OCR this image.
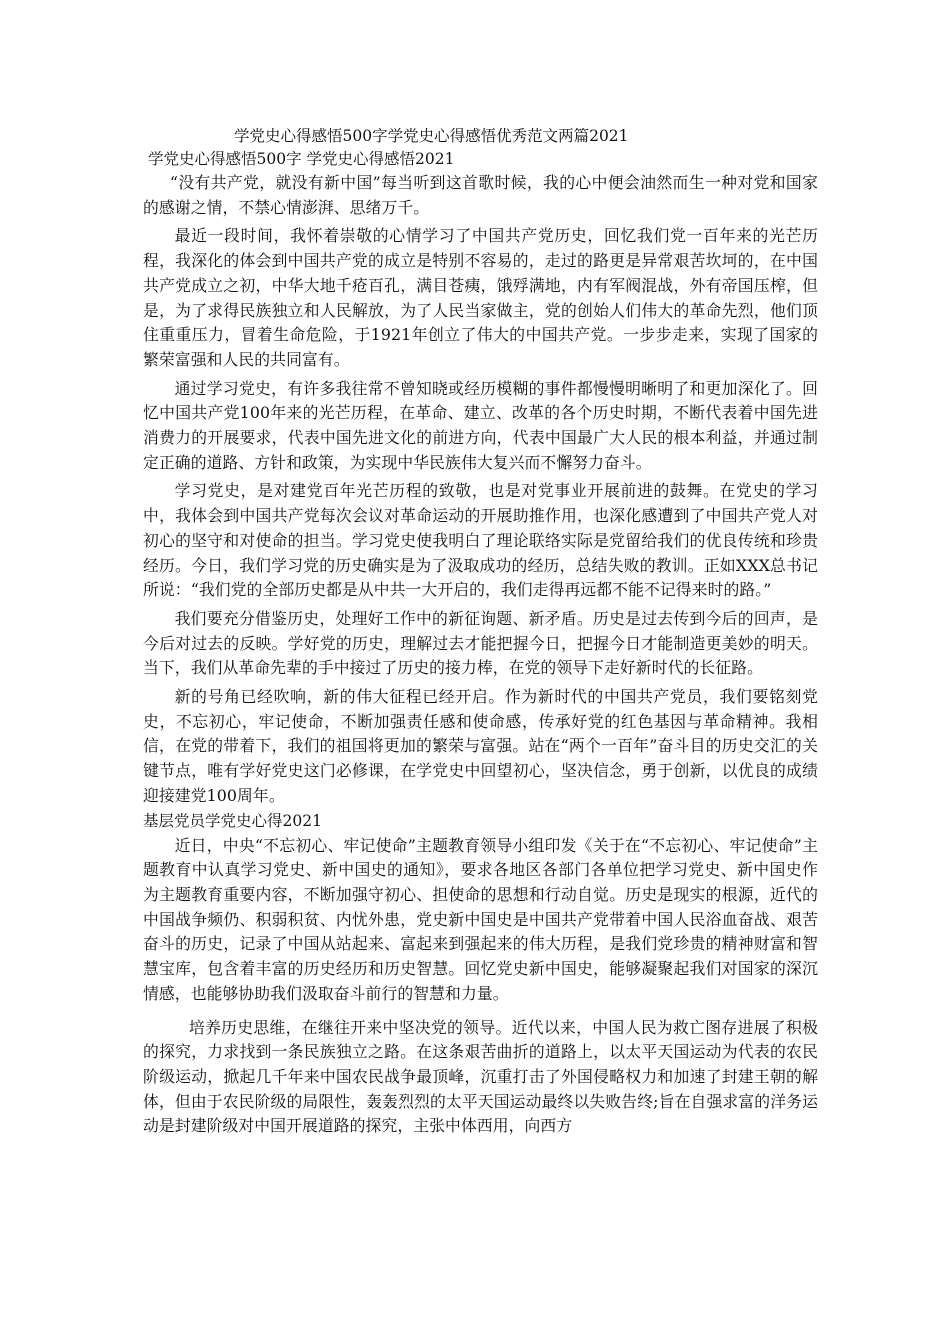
学党史心得感悟500字学党史心得感悟优秀范文两篇2021
学党史心得感悟500字 学党史心得感悟2021

“没有共产党，就没有新中国”每当听到这首歌时候，我的心中便会油然而生一种对党和国家的感谢之情，不禁心情澎湃、思绪万千。

最近一段时间，我怀着崇敬的心情学习了中国共产党历史，回忆我们党一百年来的光芒历程，我深化的体会到中国共产党的成立是特别不容易的，走过的路更是异常艰苦坎坷的，在中国共产党成立之初，中华大地千疮百孔，满目苍痍，饿殍满地，内有军阀混战，外有帝国压榨，但是，为了求得民族独立和人民解放，为了人民当家做主，党的创始人们伟大的革命先烈，他们顶住重重压力，冒着生命危险，于1921年创立了伟大的中国共产党。一步步走来，实现了国家的繁荣富强和人民的共同富有。

通过学习党史，有许多我往常不曾知晓或经历模糊的事件都慢慢明晰明了和更加深化了。回忆中国共产党100年来的光芒历程，在革命、建立、改革的各个历史时期，不断代表着中国先进消费力的开展要求，代表中国先进文化的前进方向，代表中国最广大人民的根本利益，并通过制定正确的道路、方针和政策，为实现中华民族伟大复兴而不懈努力奋斗。

学习党史，是对建党百年光芒历程的致敬，也是对党事业开展前进的鼓舞。在党史的学习中，我体会到中国共产党每次会议对革命运动的开展助推作用，也深化感遭到了中国共产党人对初心的坚守和对使命的担当。学习党史使我明白了理论联络实际是党留给我们的优良传统和珍贵经历。今日，我们学习党的历史确实是为了汲取成功的经历，总结失败的教训。正如XXX总书记所说：“我们党的全部历史都是从中共一大开启的，我们走得再远都不能不记得来时的路。”

我们要充分借鉴历史，处理好工作中的新征询题、新矛盾。历史是过去传到今后的回声，是今后对过去的反映。学好党的历史，理解过去才能把握今日，把握今日才能制造更美妙的明天。当下，我们从革命先辈的手中接过了历史的接力棒，在党的领导下走好新时代的长征路。

新的号角已经吹响，新的伟大征程已经开启。作为新时代的中国共产党员，我们要铭刻党史，不忘初心，牢记使命，不断加强责任感和使命感，传承好党的红色基因与革命精神。我相信，在党的带着下，我们的祖国将更加的繁荣与富强。站在“两个一百年”奋斗目的历史交汇的关键节点，唯有学好党史这门必修课，在学党史中回望初心，坚决信念，勇于创新，以优良的成绩迎接建党100周年。

基层党员学党史心得2021

近日，中央“不忘初心、牢记使命”主题教育领导小组印发《关于在“不忘初心、牢记使命”主题教育中认真学习党史、新中国史的通知》，要求各地区各部门各单位把学习党史、新中国史作为主题教育重要内容，不断加强守初心、担使命的思想和行动自觉。历史是现实的根源，近代的中国战争频仍、积弱积贫、内忧外患，党史新中国史是中国共产党带着中国人民浴血奋战、艰苦奋斗的历史，记录了中国从站起来、富起来到强起来的伟大历程，是我们党珍贵的精神财富和智慧宝库，包含着丰富的历史经历和历史智慧。回忆党史新中国史，能够凝聚起我们对国家的深沉情感，也能够协助我们汲取奋斗前行的智慧和力量。

培养历史思维，在继往开来中坚决党的领导。近代以来，中国人民为救亡图存进展了积极的探究，力求找到一条民族独立之路。在这条艰苦曲折的道路上，以太平天国运动为代表的农民阶级运动，掀起几千年来中国农民战争最顶峰，沉重打击了外国侵略权力和加速了封建王朝的解体，但由于农民阶级的局限性，轰轰烈烈的太平天国运动最终以失败告终;旨在自强求富的洋务运动是封建阶级对中国开展道路的探究，主张中体西用，向西方
